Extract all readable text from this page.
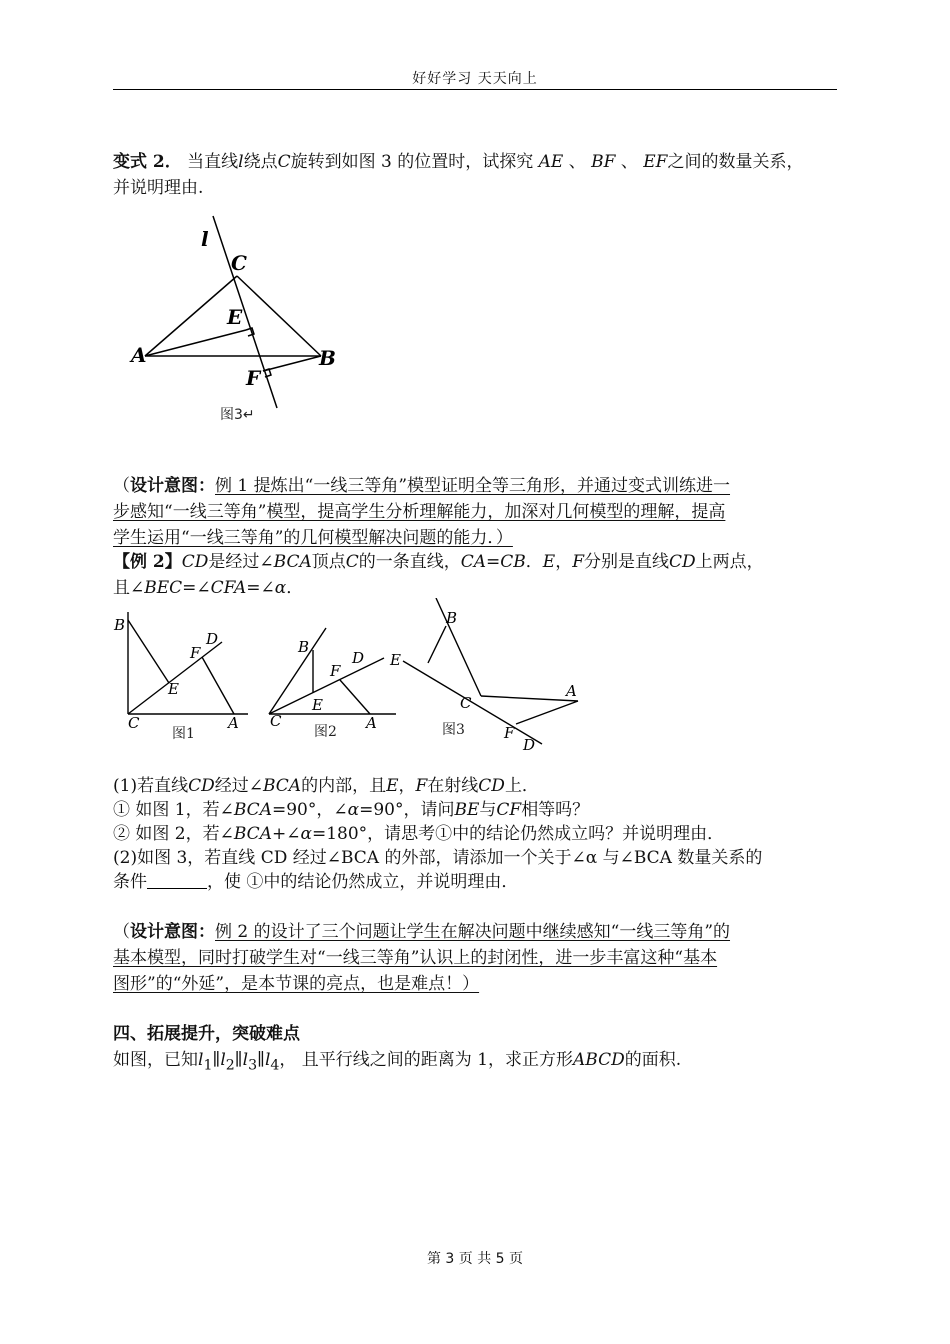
好好学习 天天向上
变式 2． 当直线l绕点C旋转到如图 3 的位置时，试探究 AE 、 BF 、 EF之间的数量关系，
并说明理由.
l
C
E
A	B
F
图3↵
（设计意图：例 1 提炼出“一线三等角”模型证明全等三角形，并通过变式训练进一
步感知“一线三等角”模型，提高学生分析理解能力，加深对几何模型的理解，提高
学生运用“一线三等角”的几何模型解决问题的能力．）
【例 2】CD是经过∠BCA顶点C的一条直线，CA=CB．E，F分别是直线CD上两点，
且∠BEC=∠CFA=∠α．
B
D
F
E
C	A
B
D
F
E
C	A
B
E
C
A
F
D
图1	图2	图3
(1)若直线CD经过∠BCA的内部，且E，F在射线CD上．
① 如图 1，若∠BCA=90°，∠α=90°，请问BE与CF相等吗？
② 如图 2，若∠BCA+∠α=180°，请思考①中的结论仍然成立吗？并说明理由．
(2)如图 3，若直线 CD 经过∠BCA 的外部，请添加一个关于∠α 与∠BCA 数量关系的
条件	，使 ①中的结论仍然成立，并说明理由．
（设计意图：例 2 的设计了三个问题让学生在解决问题中继续感知“一线三等角”的
基本模型，同时打破学生对“一线三等角”认识上的封闭性，进一步丰富这种“基本
图形”的“外延”，是本节课的亮点，也是难点！）
四、拓展提升，突破难点
如图，已知$l_1\parallel l_2\parallel l_3\parallel l_4$， 且平行线之间的距离为 1，求正方形ABCD的面积.
第 3 页 共 5 页
